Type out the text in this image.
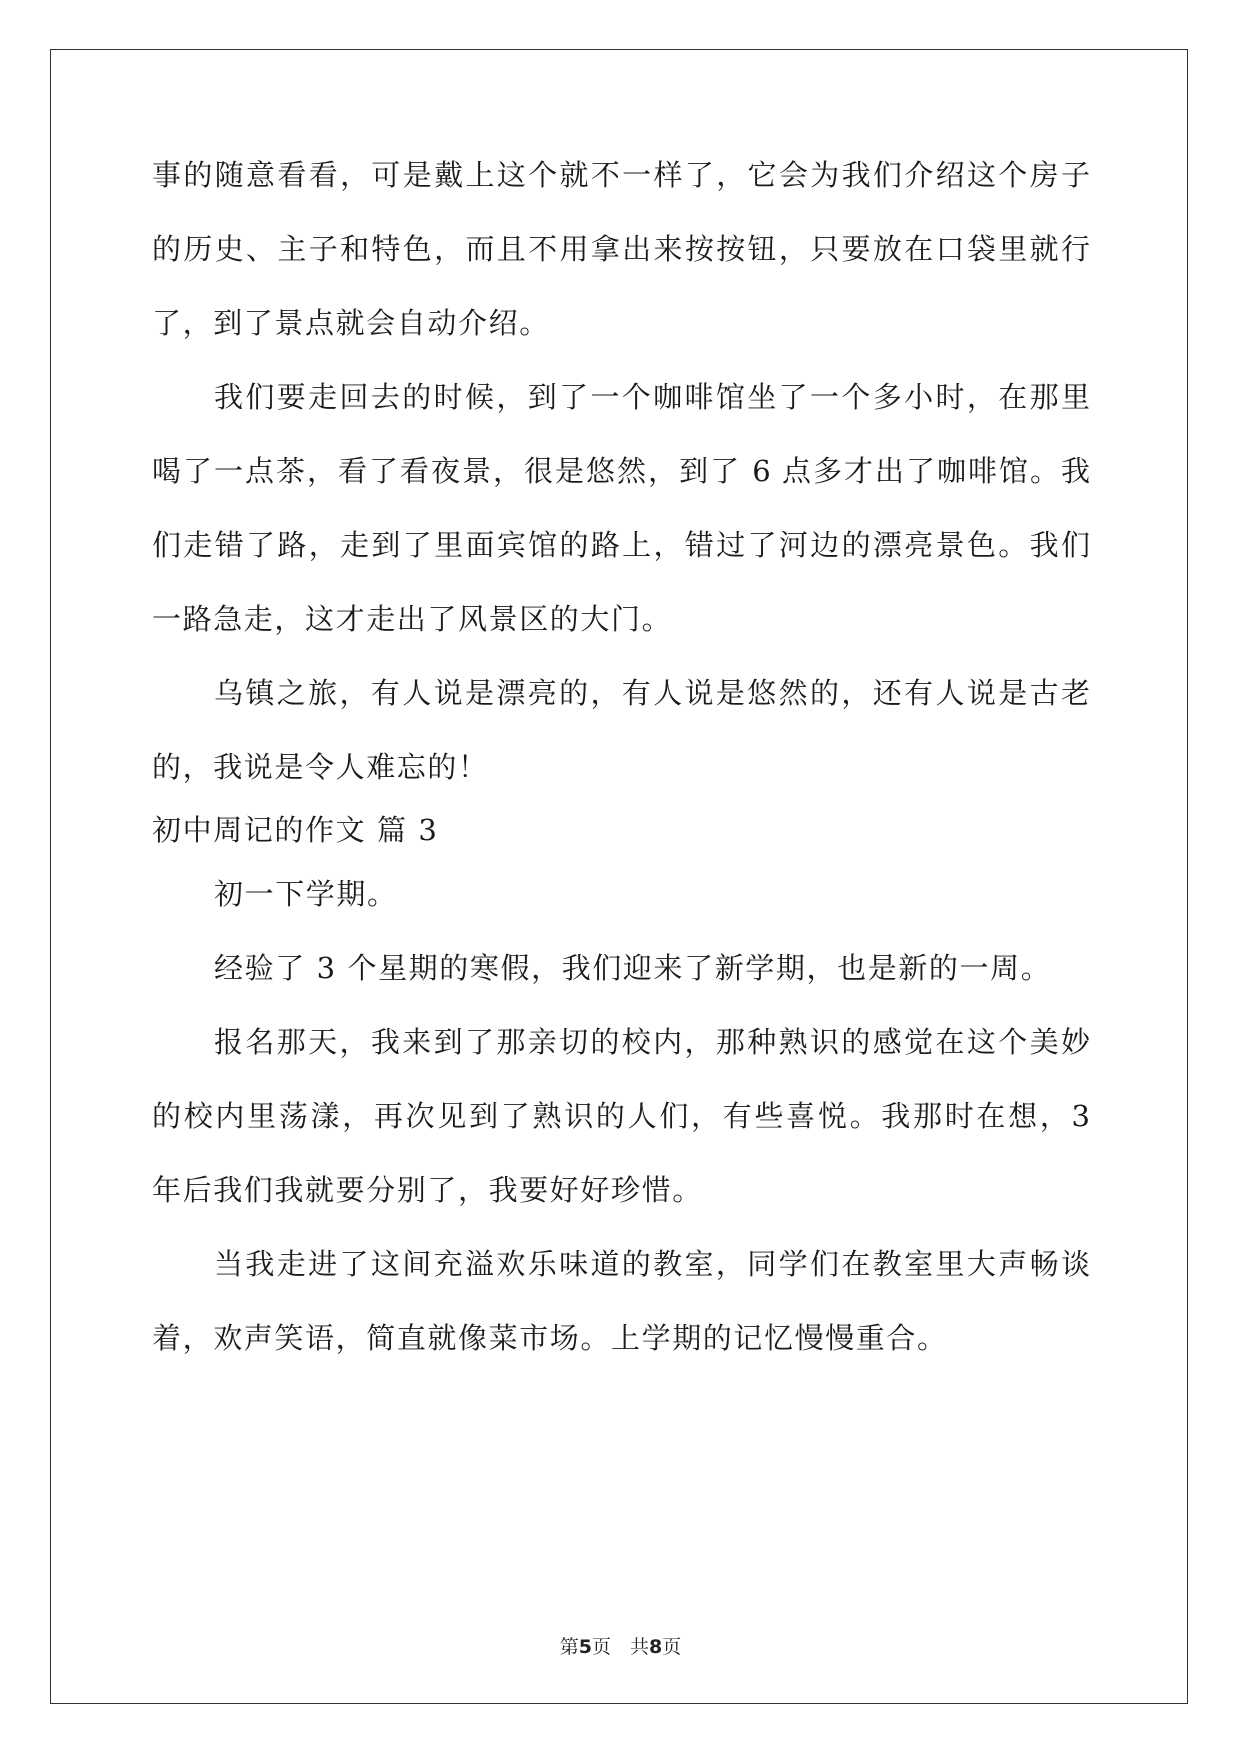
事的随意看看，可是戴上这个就不一样了，它会为我们介绍这个房子
的历史、主子和特色，而且不用拿出来按按钮，只要放在口袋里就行
了，到了景点就会自动介绍。
我们要走回去的时候，到了一个咖啡馆坐了一个多小时，在那里
喝了一点茶，看了看夜景，很是悠然，到了 6 点多才出了咖啡馆。我
们走错了路，走到了里面宾馆的路上，错过了河边的漂亮景色。我们
一路急走，这才走出了风景区的大门。
乌镇之旅，有人说是漂亮的，有人说是悠然的，还有人说是古老
的，我说是令人难忘的！
初中周记的作文 篇 3
初一下学期。
经验了 3 个星期的寒假，我们迎来了新学期，也是新的一周。
报名那天，我来到了那亲切的校内，那种熟识的感觉在这个美妙
的校内里荡漾，再次见到了熟识的人们，有些喜悦。我那时在想，3
年后我们我就要分别了，我要好好珍惜。
当我走进了这间充溢欢乐味道的教室，同学们在教室里大声畅谈
着，欢声笑语，简直就像菜市场。上学期的记忆慢慢重合。
第5页　共8页
